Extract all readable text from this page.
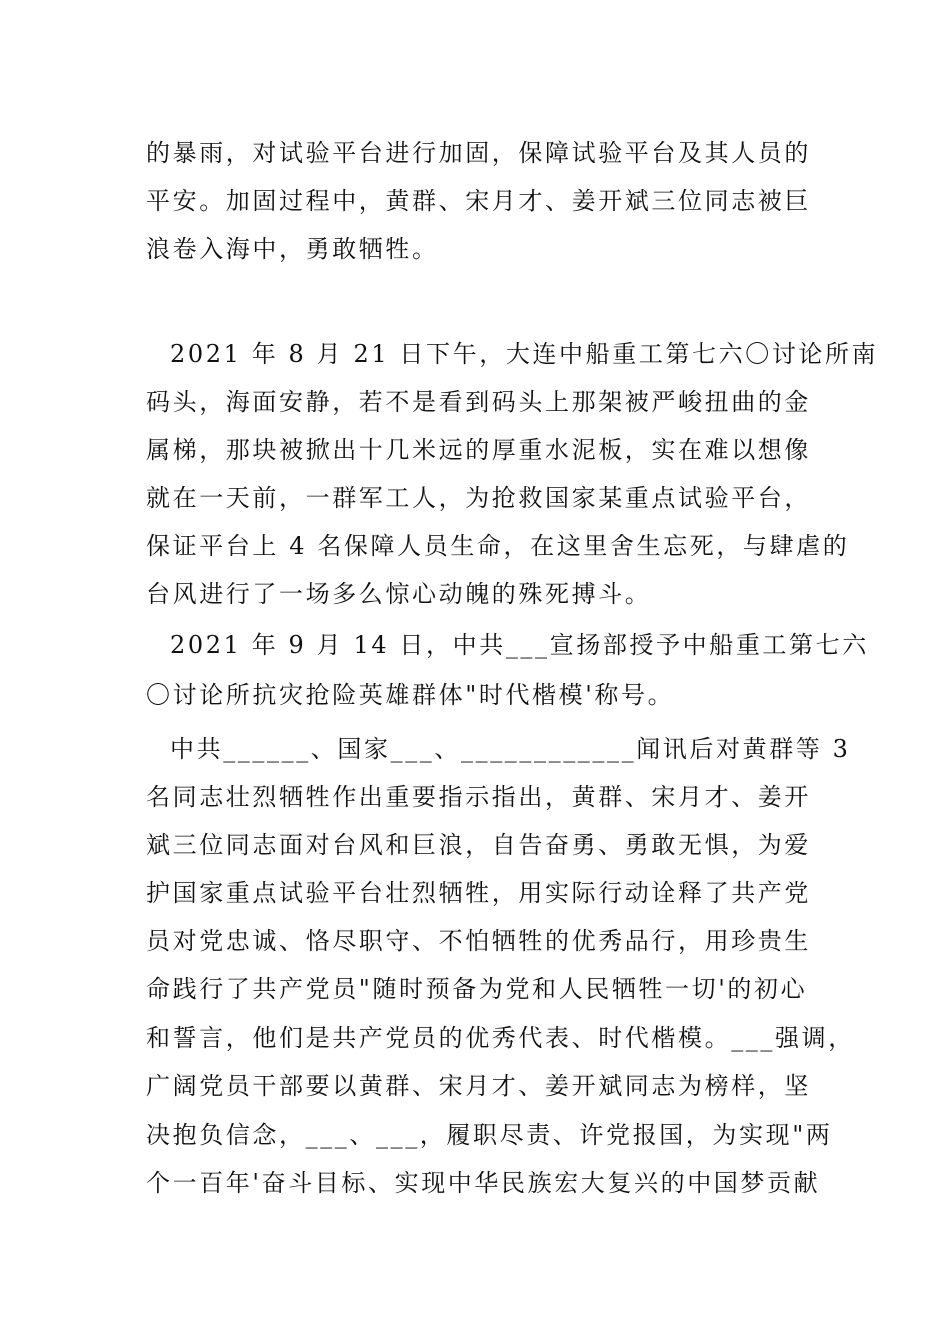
的暴雨，对试验平台进行加固，保障试验平台及其人员的
平安。加固过程中，黄群、宋月才、姜开斌三位同志被巨
浪卷入海中，勇敢牺牲。
2021 年 8 月 21 日下午，大连中船重工第七六〇讨论所南
码头，海面安静，若不是看到码头上那架被严峻扭曲的金
属梯，那块被掀出十几米远的厚重水泥板，实在难以想像
就在一天前，一群军工人，为抢救国家某重点试验平台，
保证平台上 4 名保障人员生命，在这里舍生忘死，与肆虐的
台风进行了一场多么惊心动魄的殊死搏斗。
2021 年 9 月 14 日，中共___宣扬部授予中船重工第七六
〇讨论所抗灾抢险英雄群体"时代楷模'称号。
中共______、国家___、____________闻讯后对黄群等 3
名同志壮烈牺牲作出重要指示指出，黄群、宋月才、姜开
斌三位同志面对台风和巨浪，自告奋勇、勇敢无惧，为爱
护国家重点试验平台壮烈牺牲，用实际行动诠释了共产党
员对党忠诚、恪尽职守、不怕牺牲的优秀品行，用珍贵生
命践行了共产党员"随时预备为党和人民牺牲一切'的初心
和誓言，他们是共产党员的优秀代表、时代楷模。___强调，
广阔党员干部要以黄群、宋月才、姜开斌同志为榜样，坚
决抱负信念，___、___，履职尽责、许党报国，为实现"两
个一百年'奋斗目标、实现中华民族宏大复兴的中国梦贡献
